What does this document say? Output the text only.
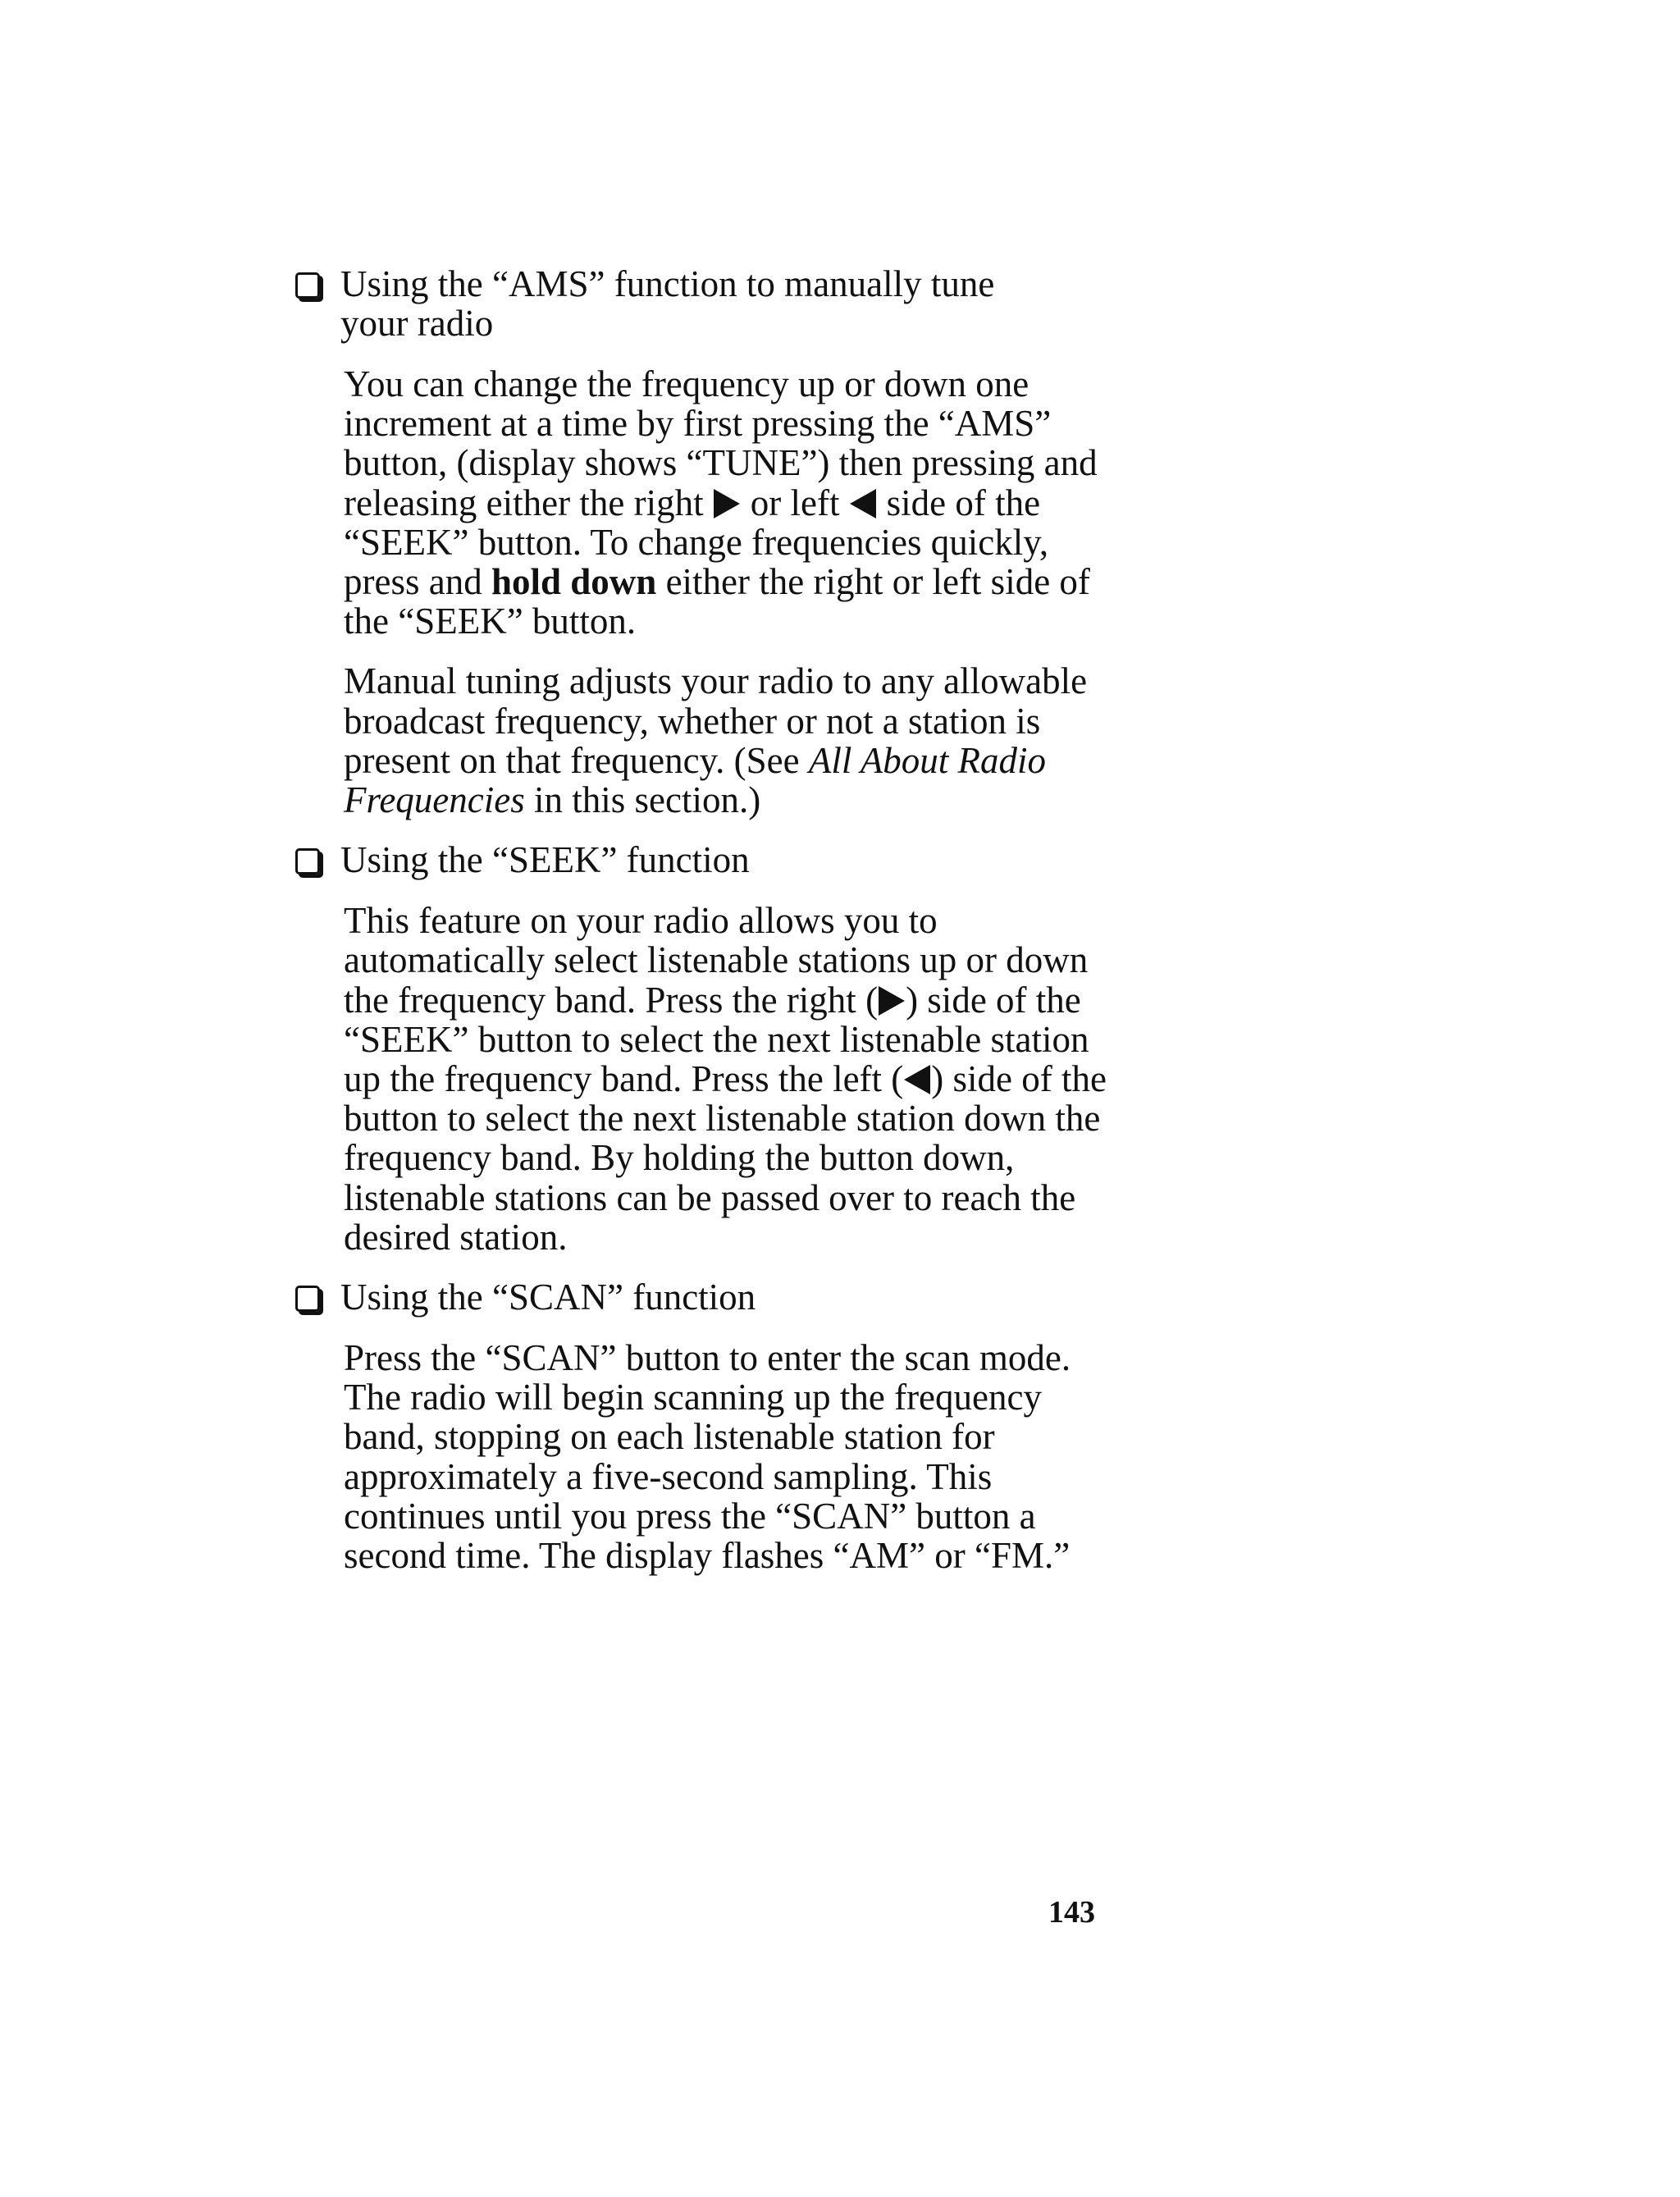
Using the “AMS” function to manually tune
your radio

You can change the frequency up or down one increment at a time by first pressing the “AMS” button, (display shows “TUNE”) then pressing and releasing either the right or left side of the “SEEK” button. To change frequencies quickly, press and hold down either the right or left side of the “SEEK” button.

Manual tuning adjusts your radio to any allowable broadcast frequency, whether or not a station is present on that frequency. (See All About Radio Frequencies in this section.)

Using the “SEEK” function

This feature on your radio allows you to automatically select listenable stations up or down the frequency band. Press the right ( ) side of the “SEEK” button to select the next listenable station up the frequency band. Press the left ( ) side of the button to select the next listenable station down the frequency band. By holding the button down, listenable stations can be passed over to reach the desired station.

Using the “SCAN” function

Press the “SCAN” button to enter the scan mode. The radio will begin scanning up the frequency band, stopping on each listenable station for approximately a five-second sampling. This continues until you press the “SCAN” button a second time. The display flashes “AM” or “FM.”

143
